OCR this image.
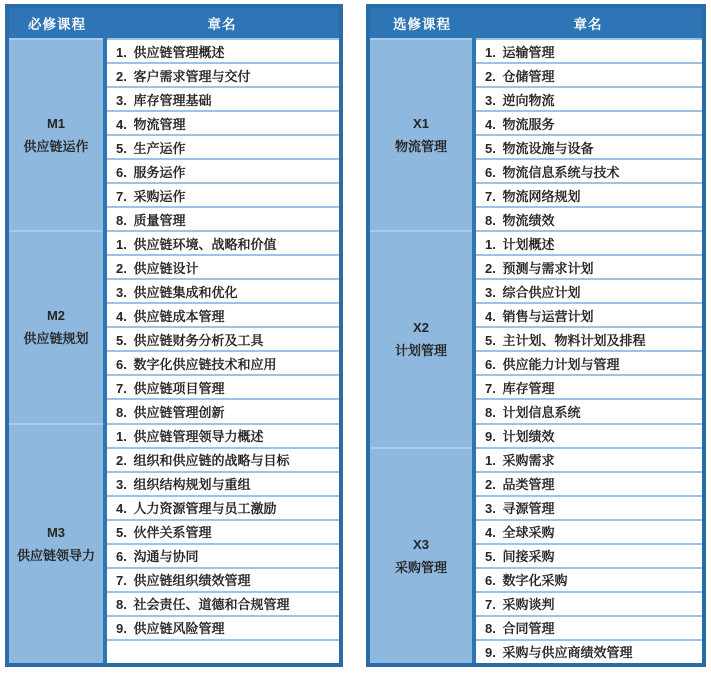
必修课程	章名

M1
供应链运作	1. 供应链管理概述
	2. 客户需求管理与交付
	3. 库存管理基础
	4. 物流管理
	5. 生产运作
	6. 服务运作
	7. 采购运作
	8. 质量管理

M2
供应链规划	1. 供应链环境、战略和价值
	2. 供应链设计
	3. 供应链集成和优化
	4. 供应链成本管理
	5. 供应链财务分析及工具
	6. 数字化供应链技术和应用
	7. 供应链项目管理
	8. 供应链管理创新

M3
供应链领导力	1. 供应链管理领导力概述
	2. 组织和供应链的战略与目标
	3. 组织结构规划与重组
	4. 人力资源管理与员工激励
	5. 伙伴关系管理
	6. 沟通与协同
	7. 供应链组织绩效管理
	8. 社会责任、道德和合规管理
	9. 供应链风险管理

选修课程	章名

X1
物流管理	1. 运输管理
	2. 仓储管理
	3. 逆向物流
	4. 物流服务
	5. 物流设施与设备
	6. 物流信息系统与技术
	7. 物流网络规划
	8. 物流绩效

X2
计划管理	1. 计划概述
	2. 预测与需求计划
	3. 综合供应计划
	4. 销售与运营计划
	5. 主计划、物料计划及排程
	6. 供应能力计划与管理
	7. 库存管理
	8. 计划信息系统
	9. 计划绩效

X3
采购管理	1. 采购需求
	2. 品类管理
	3. 寻源管理
	4. 全球采购
	5. 间接采购
	6. 数字化采购
	7. 采购谈判
	8. 合同管理
	9. 采购与供应商绩效管理
